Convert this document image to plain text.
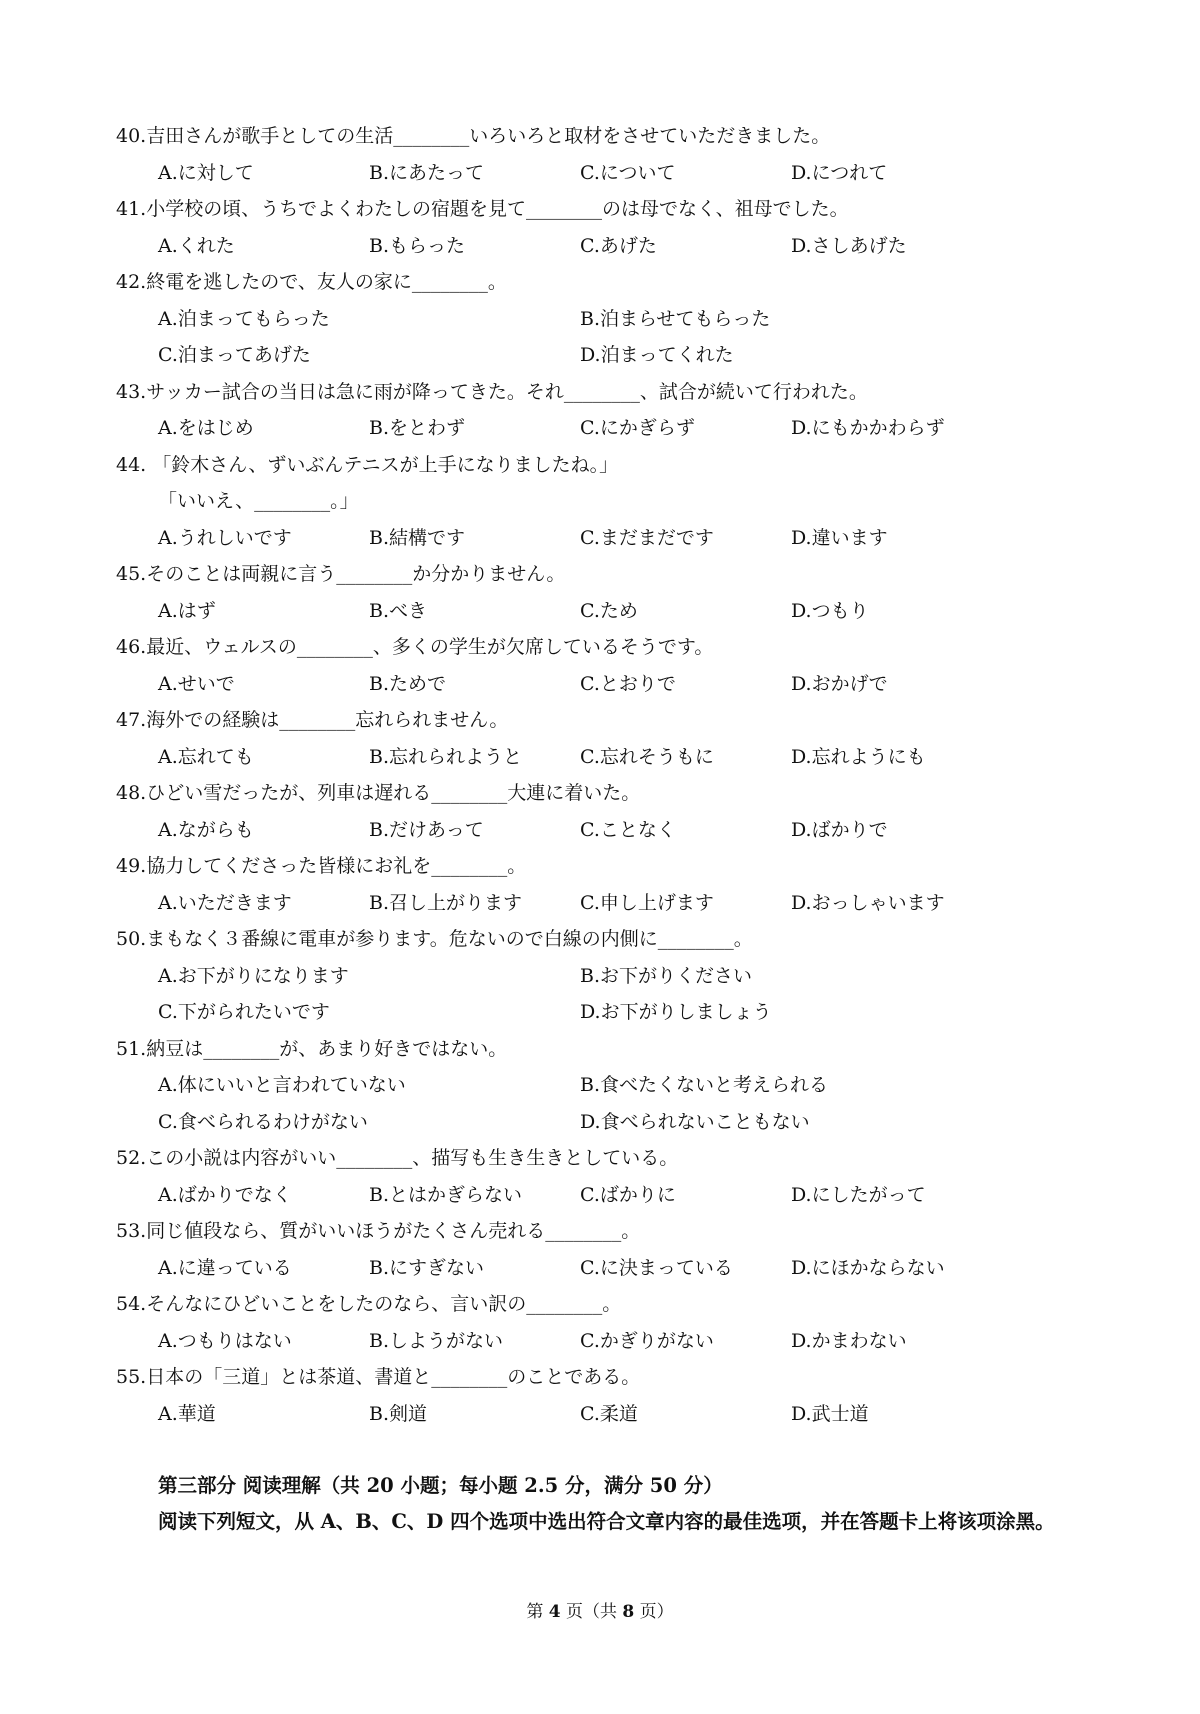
40.吉田さんが歌手としての生活________いろいろと取材をさせていただきました。
A.に対して	B.にあたって	C.について	D.につれて
41.小学校の頃、うちでよくわたしの宿題を見て________のは母でなく、祖母でした。
A.くれた	B.もらった	C.あげた	D.さしあげた
42.終電を逃したので、友人の家に________。
A.泊まってもらった	B.泊まらせてもらった
C.泊まってあげた	D.泊まってくれた
43.サッカー試合の当日は急に雨が降ってきた。それ________、試合が続いて行われた。
A.をはじめ	B.をとわず	C.にかぎらず	D.にもかかわらず
44. 「鈴木さん、ずいぶんテニスが上手になりましたね。」
「いいえ、________。」
A.うれしいです	B.結構です	C.まだまだです	D.違います
45.そのことは両親に言う________か分かりません。
A.はず	B.べき	C.ため	D.つもり
46.最近、ウェルスの________、多くの学生が欠席しているそうです。
A.せいで	B.ためで	C.とおりで	D.おかげで
47.海外での経験は________忘れられません。
A.忘れても	B.忘れられようと	C.忘れそうもに	D.忘れようにも
48.ひどい雪だったが、列車は遅れる________大連に着いた。
A.ながらも	B.だけあって	C.ことなく	D.ばかりで
49.協力してくださった皆様にお礼を________。
A.いただきます	B.召し上がります	C.申し上げます	D.おっしゃいます
50.まもなく３番線に電車が参ります。危ないので白線の内側に________。
A.お下がりになります	B.お下がりください
C.下がられたいです	D.お下がりしましょう
51.納豆は________が、あまり好きではない。
A.体にいいと言われていない	B.食べたくないと考えられる
C.食べられるわけがない	D.食べられないこともない
52.この小説は内容がいい________、描写も生き生きとしている。
A.ばかりでなく	B.とはかぎらない	C.ばかりに	D.にしたがって
53.同じ値段なら、質がいいほうがたくさん売れる________。
A.に違っている	B.にすぎない	C.に決まっている	D.にほかならない
54.そんなにひどいことをしたのなら、言い訳の________。
A.つもりはない	B.しようがない	C.かぎりがない	D.かまわない
55.日本の「三道」とは茶道、書道と________のことである。
A.華道	B.剣道	C.柔道	D.武士道
第三部分 阅读理解（共 20 小题；每小题 2.5 分，满分 50 分）

阅读下列短文，从 A、B、C、D 四个选项中选出符合文章内容的最佳选项，并在答题卡上将该项涂黑。

第 4 页（共 8 页）
